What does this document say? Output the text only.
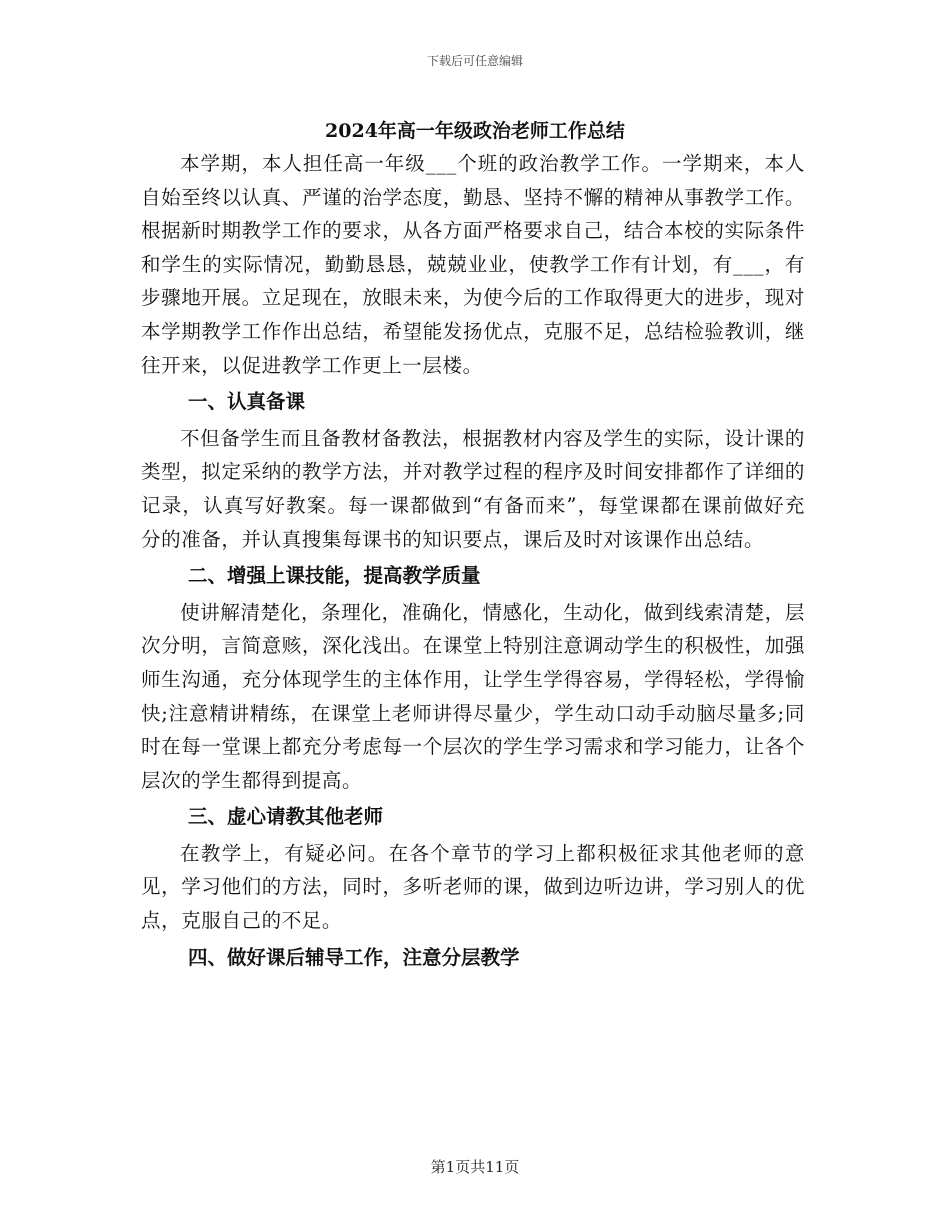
下载后可任意编辑
2024年高一年级政治老师工作总结

本学期，本人担任高一年级___个班的政治教学工作。一学期来，本人自始至终以认真、严谨的治学态度，勤恳、坚持不懈的精神从事教学工作。根据新时期教学工作的要求，从各方面严格要求自己，结合本校的实际条件和学生的实际情况，勤勤恳恳，兢兢业业，使教学工作有计划，有___，有步骤地开展。立足现在，放眼未来，为使今后的工作取得更大的进步，现对本学期教学工作作出总结，希望能发扬优点，克服不足，总结检验教训，继往开来，以促进教学工作更上一层楼。

一、认真备课

不但备学生而且备教材备教法，根据教材内容及学生的实际，设计课的类型，拟定采纳的教学方法，并对教学过程的程序及时间安排都作了详细的记录，认真写好教案。每一课都做到“有备而来”，每堂课都在课前做好充分的准备，并认真搜集每课书的知识要点，课后及时对该课作出总结。

二、增强上课技能，提高教学质量

使讲解清楚化，条理化，准确化，情感化，生动化，做到线索清楚，层次分明，言简意赅，深化浅出。在课堂上特别注意调动学生的积极性，加强师生沟通，充分体现学生的主体作用，让学生学得容易，学得轻松，学得愉快;注意精讲精练，在课堂上老师讲得尽量少，学生动口动手动脑尽量多;同时在每一堂课上都充分考虑每一个层次的学生学习需求和学习能力，让各个层次的学生都得到提高。

三、虚心请教其他老师

在教学上，有疑必问。在各个章节的学习上都积极征求其他老师的意见，学习他们的方法，同时，多听老师的课，做到边听边讲，学习别人的优点，克服自己的不足。

四、做好课后辅导工作，注意分层教学

第1页共11页
